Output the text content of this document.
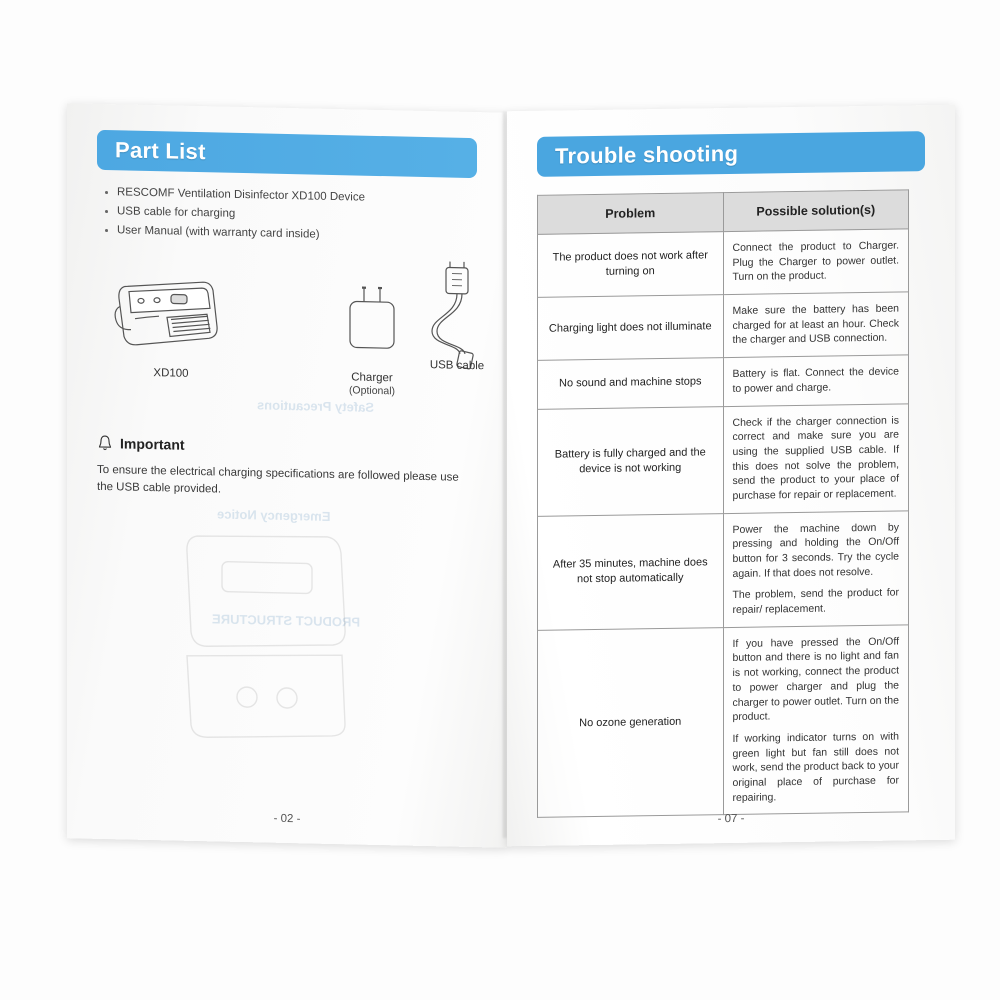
Part List
RESCOMF Ventilation Disinfector XD100 Device
USB cable for charging
User Manual (with warranty card inside)
XD100	Charger
(Optional)
USB cable
Important
To ensure the electrical charging specifications are followed please use the USB cable provided.
Safety Precautions
Emergency Notice
PRODUCT STRUCTURE
- 02 -
Trouble shooting
Problem	Possible solution(s)
The product does not work after turning on	Connect the product to Charger. Plug the Charger to power outlet. Turn on the product.

Charging light does not illuminate	Make sure the battery has been charged for at least an hour. Check the charger and USB connection.

No sound and machine stops	Battery is flat. Connect the device to power and charge.

Battery is fully charged and the device is not working	Check if the charger connection is correct and make sure you are using the supplied USB cable. If this does not solve the problem, send the product to your place of purchase for repair or replacement.

After 35 minutes, machine does not stop automatically	Power the machine down by pressing and holding the On/Off button for 3 seconds. Try the cycle again. If that does not resolve.

The problem, send the product for repair/ replacement.

No ozone generation	If you have pressed the On/Off button and there is no light and fan is not working, connect the product to power charger and plug the charger to power outlet. Turn on the product.

If working indicator turns on with green light but fan still does not work, send the product back to your original place of purchase for repairing.

- 07 -
